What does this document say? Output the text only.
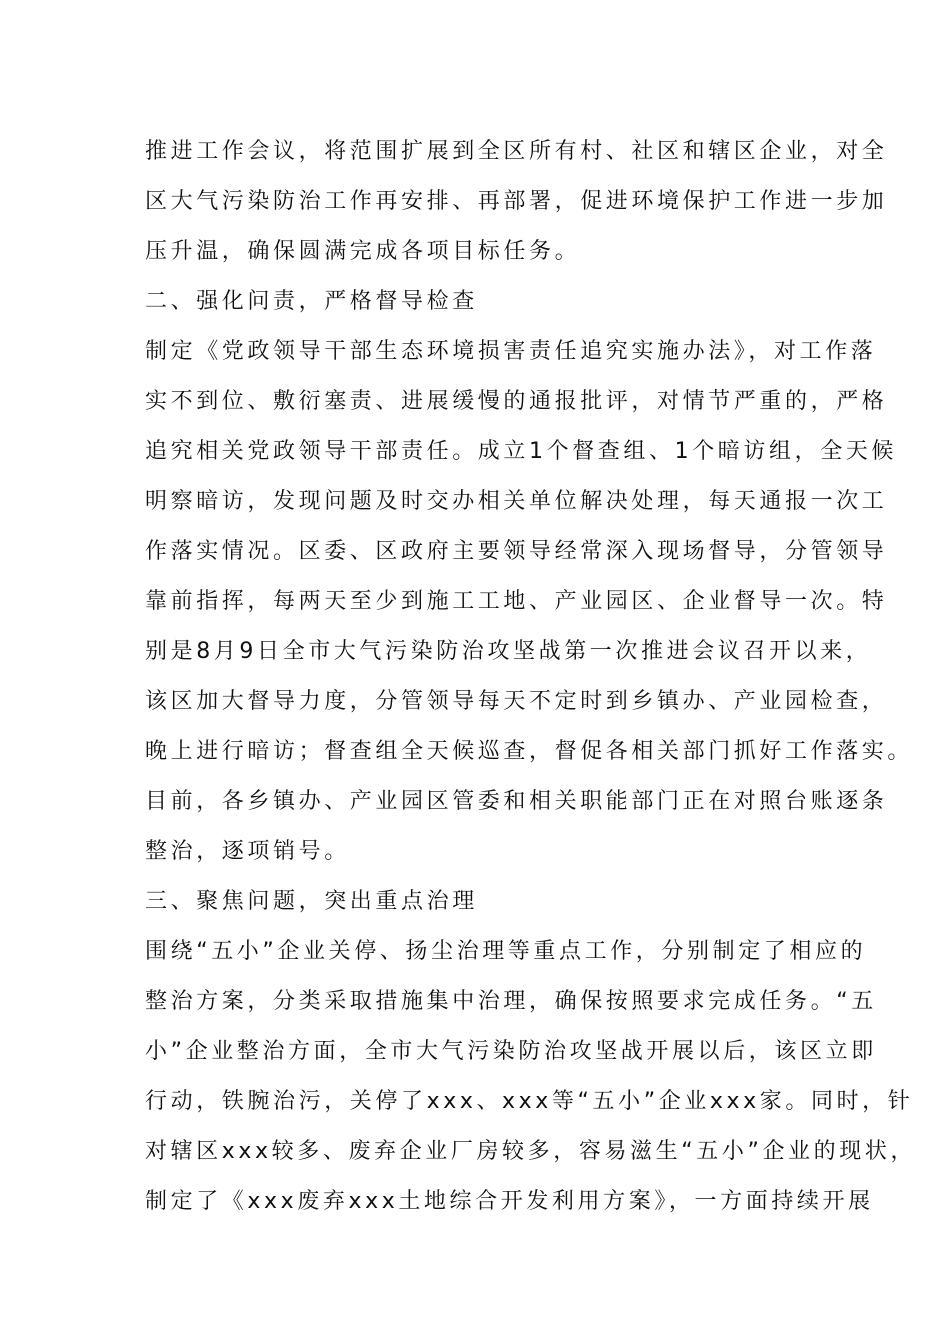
推进工作会议，将范围扩展到全区所有村、社区和辖区企业，对全
区大气污染防治工作再安排、再部署，促进环境保护工作进一步加
压升温，确保圆满完成各项目标任务。
二、强化问责，严格督导检查
制定《党政领导干部生态环境损害责任追究实施办法》，对工作落
实不到位、敷衍塞责、进展缓慢的通报批评，对情节严重的，严格
追究相关党政领导干部责任。成立1个督查组、1个暗访组，全天候
明察暗访，发现问题及时交办相关单位解决处理，每天通报一次工
作落实情况。区委、区政府主要领导经常深入现场督导，分管领导
靠前指挥，每两天至少到施工工地、产业园区、企业督导一次。特
别是8月9日全市大气污染防治攻坚战第一次推进会议召开以来，
该区加大督导力度，分管领导每天不定时到乡镇办、产业园检查，
晚上进行暗访；督查组全天候巡查，督促各相关部门抓好工作落实。
目前，各乡镇办、产业园区管委和相关职能部门正在对照台账逐条
整治，逐项销号。
三、聚焦问题，突出重点治理
围绕“五小”企业关停、扬尘治理等重点工作，分别制定了相应的
整治方案，分类采取措施集中治理，确保按照要求完成任务。“五
小”企业整治方面，全市大气污染防治攻坚战开展以后，该区立即
行动，铁腕治污，关停了xxx、xxx等“五小”企业xxx家。同时，针
对辖区xxx较多、废弃企业厂房较多，容易滋生“五小”企业的现状，
制定了《xxx废弃xxx土地综合开发利用方案》，一方面持续开展
